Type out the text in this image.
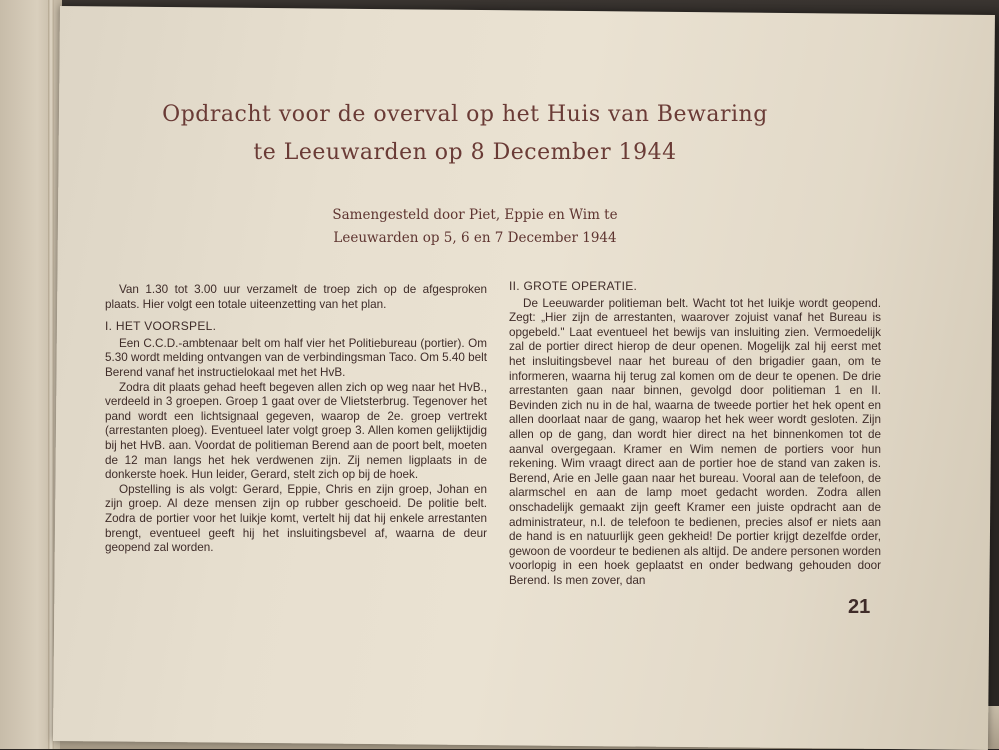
Opdracht voor de overval op het Huis van Bewaring
te Leeuwarden op 8 December 1944
Samengesteld door Piet, Eppie en Wim te
Leeuwarden op 5, 6 en 7 December 1944

Van 1.30 tot 3.00 uur verzamelt de troep zich op de afgesproken plaats. Hier volgt een totale uiteenzetting van het plan.

I. HET VOORSPEL.

Een C.C.D.-ambtenaar belt om half vier het Politiebureau (portier). Om 5.30 wordt melding ontvangen van de verbindingsman Taco. Om 5.40 belt Berend vanaf het instructielokaal met het HvB.

Zodra dit plaats gehad heeft begeven allen zich op weg naar het HvB., verdeeld in 3 groepen. Groep 1 gaat over de Vlietsterbrug. Tegenover het pand wordt een lichtsignaal gegeven, waarop de 2e. groep vertrekt (arrestanten ploeg). Eventueel later volgt groep 3. Allen komen gelijktijdig bij het HvB. aan. Voordat de politieman Berend aan de poort belt, moeten de 12 man langs het hek verdwenen zijn. Zij nemen ligplaats in de donkerste hoek. Hun leider, Gerard, stelt zich op bij de hoek.

Opstelling is als volgt: Gerard, Eppie, Chris en zijn groep, Johan en zijn groep. Al deze mensen zijn op rubber geschoeid. De politie belt. Zodra de portier voor het luikje komt, vertelt hij dat hij enkele arrestanten brengt, eventueel geeft hij het insluitingsbevel af, waarna de deur geopend zal worden.

II. GROTE OPERATIE.

De Leeuwarder politieman belt. Wacht tot het luikje wordt geopend. Zegt: „Hier zijn de arrestanten, waarover zojuist vanaf het Bureau is opgebeld." Laat eventueel het bewijs van insluiting zien. Vermoedelijk zal de portier direct hierop de deur openen. Mogelijk zal hij eerst met het insluitingsbevel naar het bureau of den brigadier gaan, om te informeren, waarna hij terug zal komen om de deur te openen. De drie arrestanten gaan naar binnen, gevolgd door politieman 1 en II. Bevinden zich nu in de hal, waarna de tweede portier het hek opent en allen doorlaat naar de gang, waarop het hek weer wordt gesloten. Zijn allen op de gang, dan wordt hier direct na het binnenkomen tot de aanval overgegaan. Kramer en Wim nemen de portiers voor hun rekening. Wim vraagt direct aan de portier hoe de stand van zaken is. Berend, Arie en Jelle gaan naar het bureau. Vooral aan de telefoon, de alarmschel en aan de lamp moet gedacht worden. Zodra allen onschadelijk gemaakt zijn geeft Kramer een juiste opdracht aan de administrateur, n.l. de telefoon te bedienen, precies alsof er niets aan de hand is en natuurlijk geen gekheid! De portier krijgt dezelfde order, gewoon de voordeur te bedienen als altijd. De andere personen worden voorlopig in een hoek geplaatst en onder bedwang gehouden door Berend. Is men zover, dan

21
